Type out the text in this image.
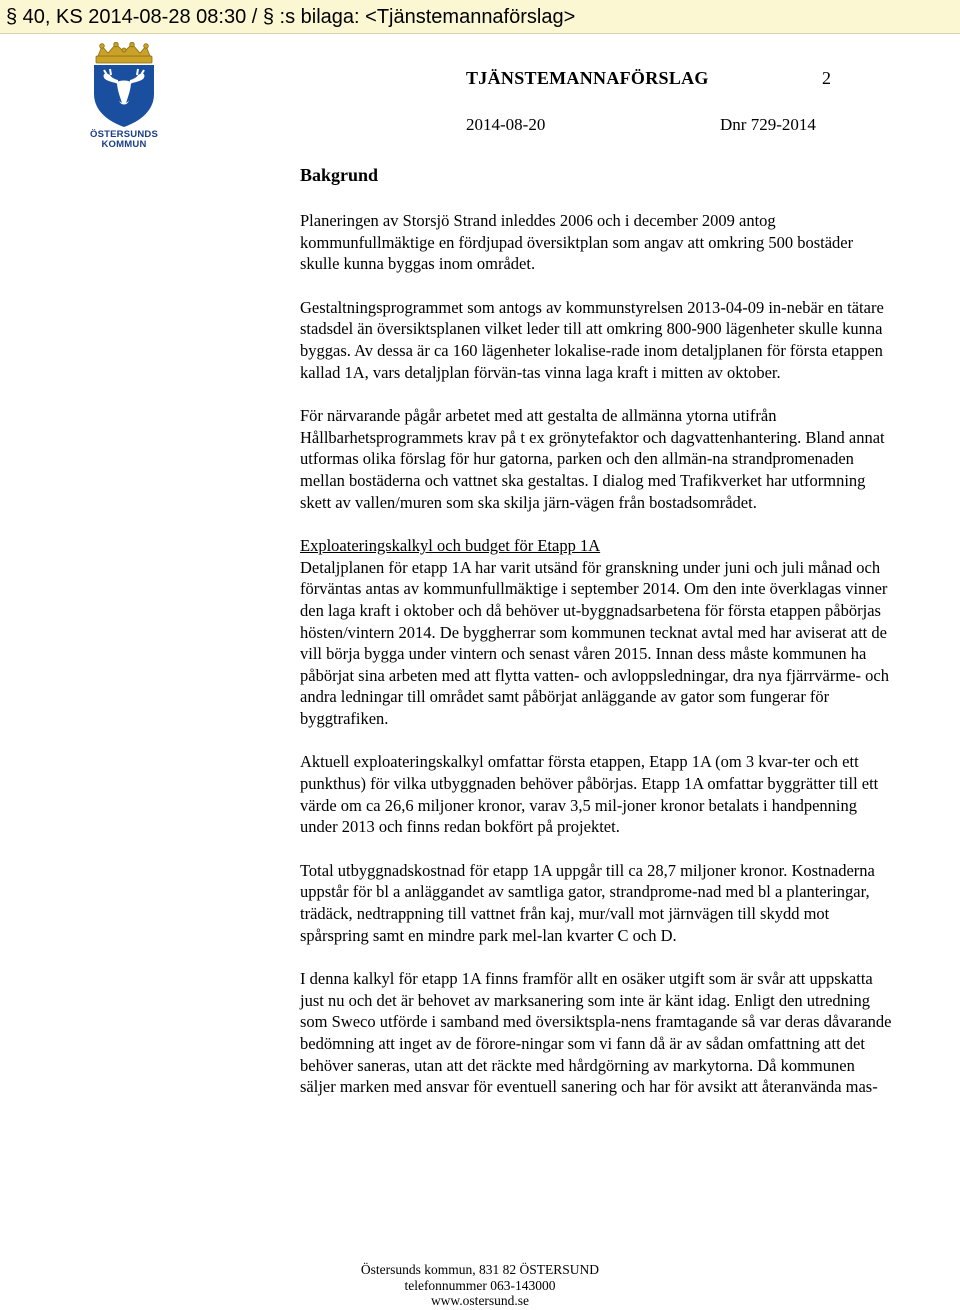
§ 40, KS 2014-08-28 08:30 / § :s bilaga: <Tjänstemannaförslag>
ÖSTERSUNDS
KOMMUN
TJÄNSTEMANNAFÖRSLAG	2
2014-08-20	Dnr 729-2014
Bakgrund

Planeringen av Storsjö Strand inleddes 2006 och i december 2009 antog kommunfullmäktige en fördjupad översiktplan som angav att omkring 500 bostäder skulle kunna byggas inom området.

Gestaltningsprogrammet som antogs av kommunstyrelsen 2013-04-09 in-nebär en tätare stadsdel än översiktsplanen vilket leder till att omkring 800-900 lägenheter skulle kunna byggas. Av dessa är ca 160 lägenheter lokalise-rade inom detaljplanen för första etappen kallad 1A, vars detaljplan förvän-tas vinna laga kraft i mitten av oktober.

För närvarande pågår arbetet med att gestalta de allmänna ytorna utifrån Hållbarhetsprogrammets krav på t ex grönytefaktor och dagvattenhantering. Bland annat utformas olika förslag för hur gatorna, parken och den allmän-na strandpromenaden mellan bostäderna och vattnet ska gestaltas. I dialog med Trafikverket har utformning skett av vallen/muren som ska skilja järn-vägen från bostadsområdet.

Exploateringskalkyl och budget för Etapp 1A

Detaljplanen för etapp 1A har varit utsänd för granskning under juni och juli månad och förväntas antas av kommunfullmäktige i september 2014. Om den inte överklagas vinner den laga kraft i oktober och då behöver ut-byggnadsarbetena för första etappen påbörjas hösten/vintern 2014. De byggherrar som kommunen tecknat avtal med har aviserat att de vill börja bygga under vintern och senast våren 2015. Innan dess måste kommunen ha påbörjat sina arbeten med att flytta vatten- och avloppsledningar, dra nya fjärrvärme- och andra ledningar till området samt påbörjat anläggande av gator som fungerar för byggtrafiken.

Aktuell exploateringskalkyl omfattar första etappen, Etapp 1A (om 3 kvar-ter och ett punkthus) för vilka utbyggnaden behöver påbörjas. Etapp 1A omfattar byggrätter till ett värde om ca 26,6 miljoner kronor, varav 3,5 mil-joner kronor betalats i handpenning under 2013 och finns redan bokfört på projektet.

Total utbyggnadskostnad för etapp 1A uppgår till ca 28,7 miljoner kronor. Kostnaderna uppstår för bl a anläggandet av samtliga gator, strandprome-nad med bl a planteringar, trädäck, nedtrappning till vattnet från kaj, mur/vall mot järnvägen till skydd mot spårspring samt en mindre park mel-lan kvarter C och D.

I denna kalkyl för etapp 1A finns framför allt en osäker utgift som är svår att uppskatta just nu och det är behovet av marksanering som inte är känt idag. Enligt den utredning som Sweco utförde i samband med översiktspla-nens framtagande så var deras dåvarande bedömning att inget av de förore-ningar som vi fann då är av sådan omfattning att det behöver saneras, utan att det räckte med hårdgörning av markytorna. Då kommunen säljer marken med ansvar för eventuell sanering och har för avsikt att återanvända mas-

Östersunds kommun, 831 82 ÖSTERSUND
telefonnummer 063-143000
www.ostersund.se
